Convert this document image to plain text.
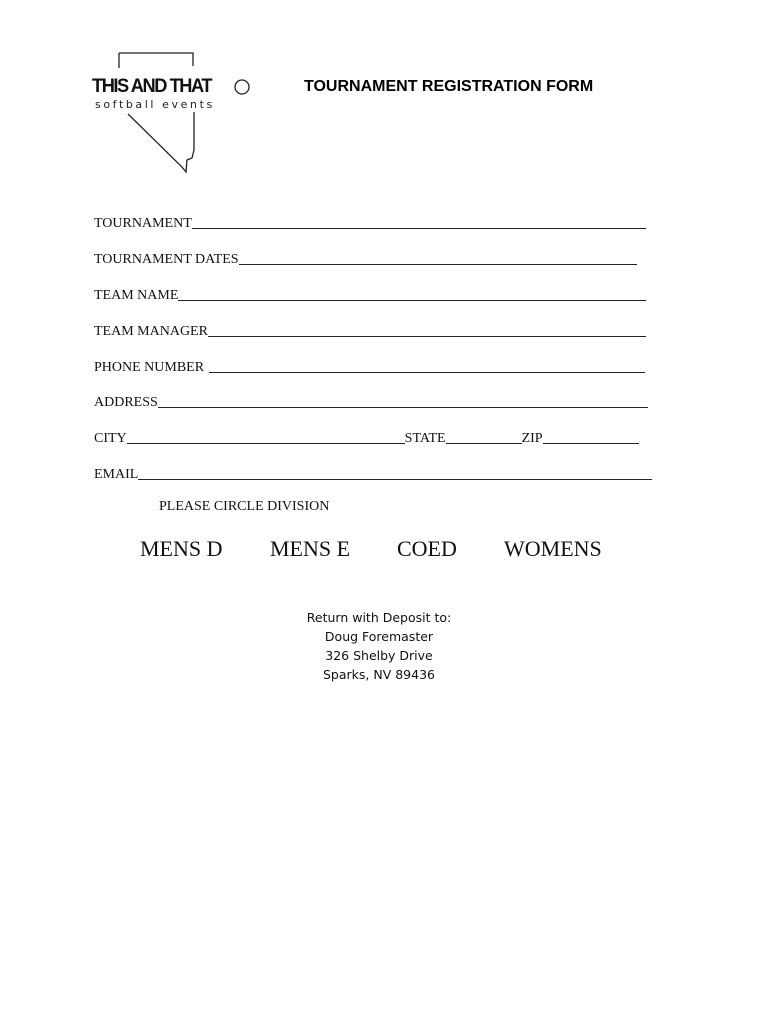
THIS AND THAT
softball events
TOURNAMENT REGISTRATION FORM
TOURNAMENT
TOURNAMENT DATES
TEAM NAME
TEAM MANAGER
PHONE NUMBER
ADDRESS
CITY	STATE	ZIP
EMAIL
PLEASE CIRCLE DIVISION
MENS D MENS E COED WOMENS
Return with Deposit to:
Doug Foremaster
326 Shelby Drive
Sparks, NV 89436
